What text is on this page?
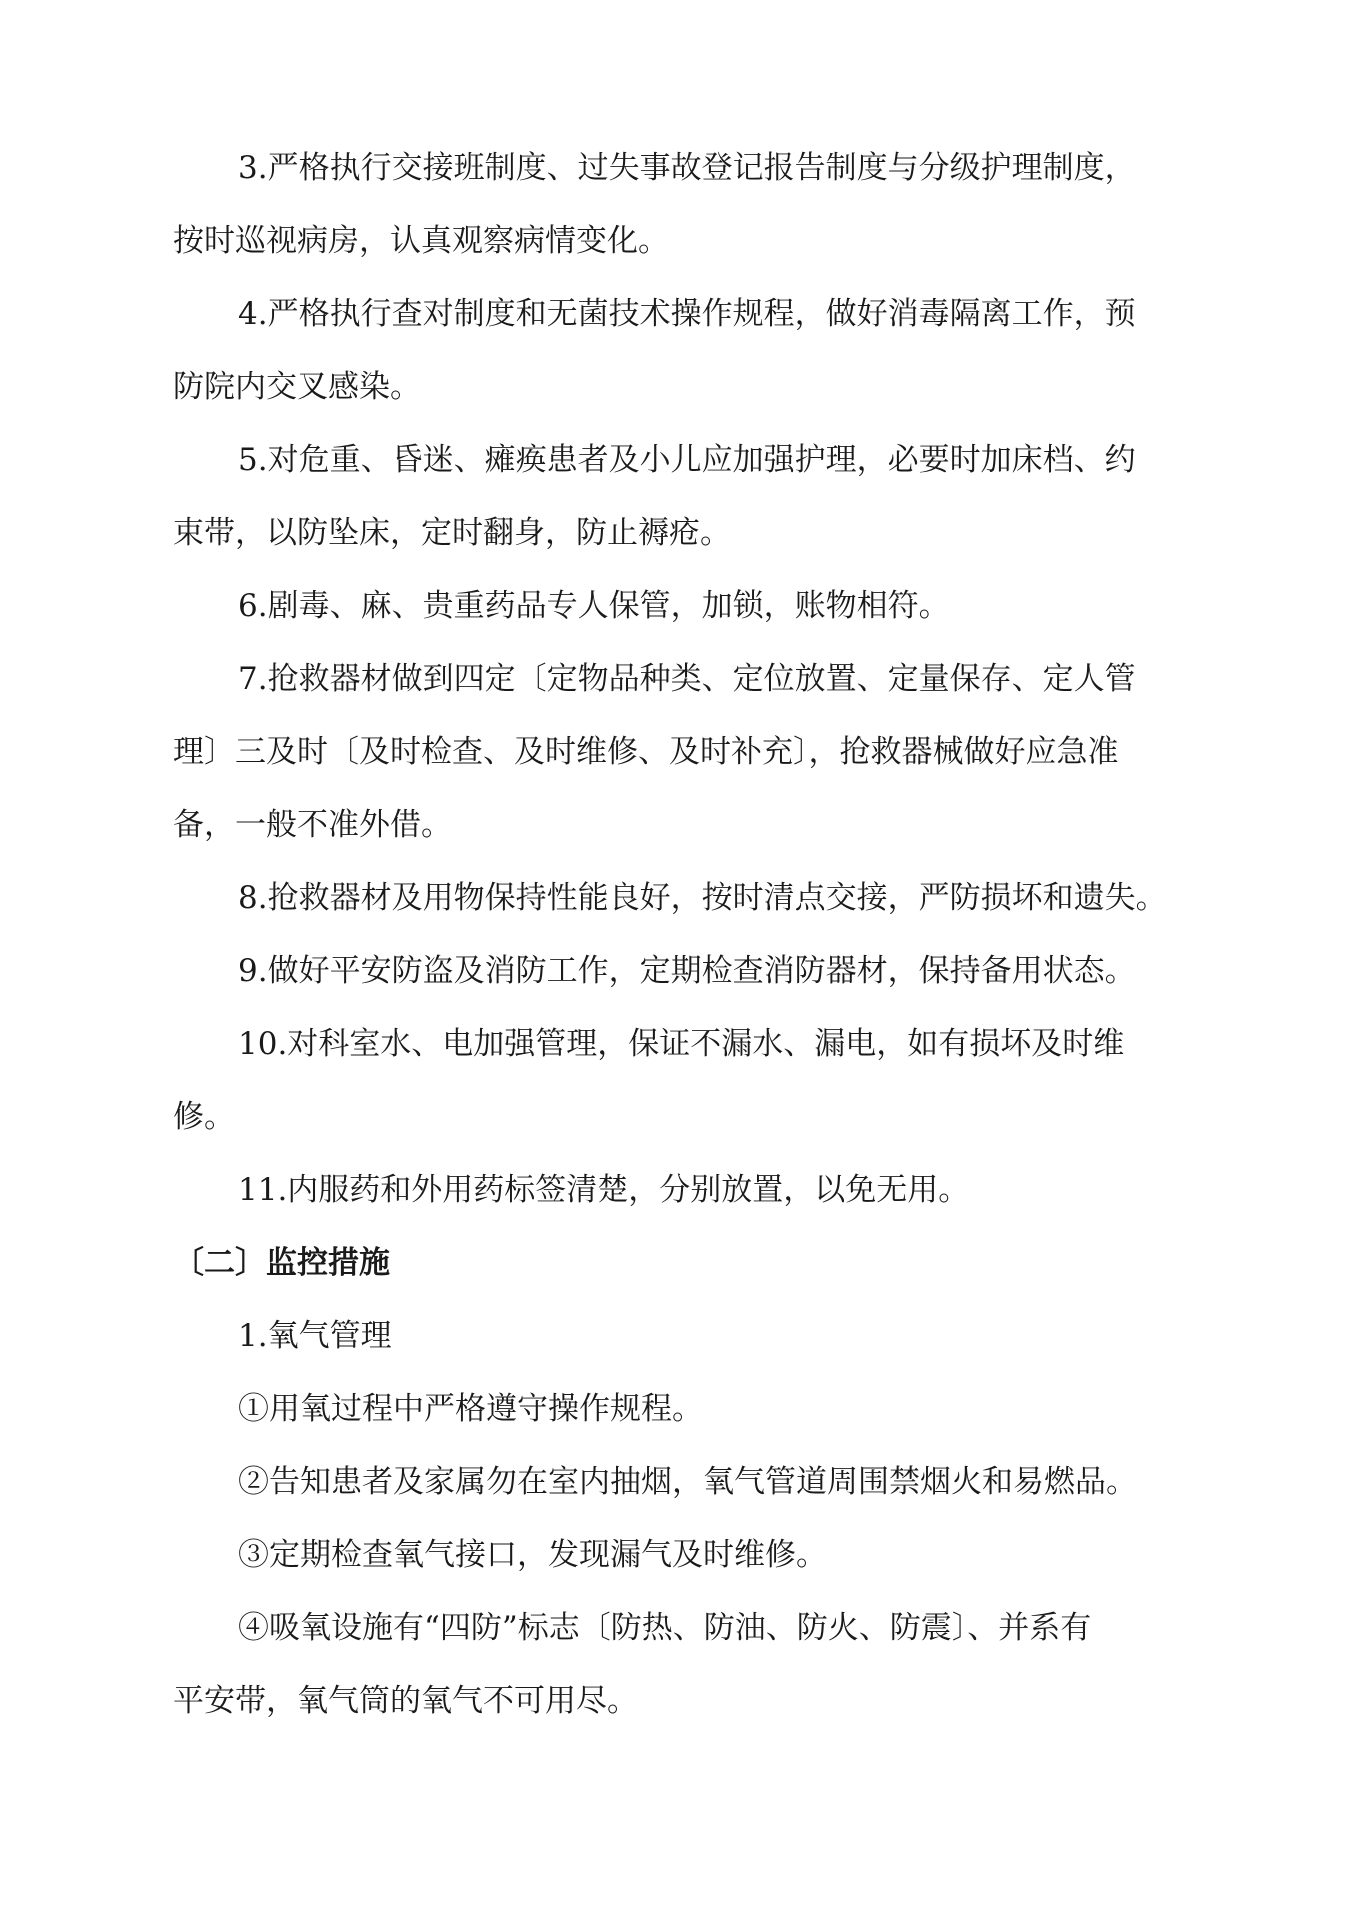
3.严格执行交接班制度、过失事故登记报告制度与分级护理制度，

按时巡视病房，认真观察病情变化。

4.严格执行查对制度和无菌技术操作规程，做好消毒隔离工作，预

防院内交叉感染。

5.对危重、昏迷、瘫痪患者及小儿应加强护理，必要时加床档、约

束带，以防坠床，定时翻身，防止褥疮。

6.剧毒、麻、贵重药品专人保管，加锁，账物相符。

7.抢救器材做到四定〔定物品种类、定位放置、定量保存、定人管

理〕三及时〔及时检查、及时维修、及时补充〕，抢救器械做好应急准

备，一般不准外借。

8.抢救器材及用物保持性能良好，按时清点交接，严防损坏和遗失。

9.做好平安防盗及消防工作，定期检查消防器材，保持备用状态。

10.对科室水、电加强管理，保证不漏水、漏电，如有损坏及时维

修。

11.内服药和外用药标签清楚，分别放置，以免无用。

〔二〕监控措施

1.氧气管理

①用氧过程中严格遵守操作规程。

②告知患者及家属勿在室内抽烟，氧气管道周围禁烟火和易燃品。

③定期检查氧气接口，发现漏气及时维修。

④吸氧设施有“四防”标志〔防热、防油、防火、防震〕、并系有

平安带，氧气筒的氧气不可用尽。
